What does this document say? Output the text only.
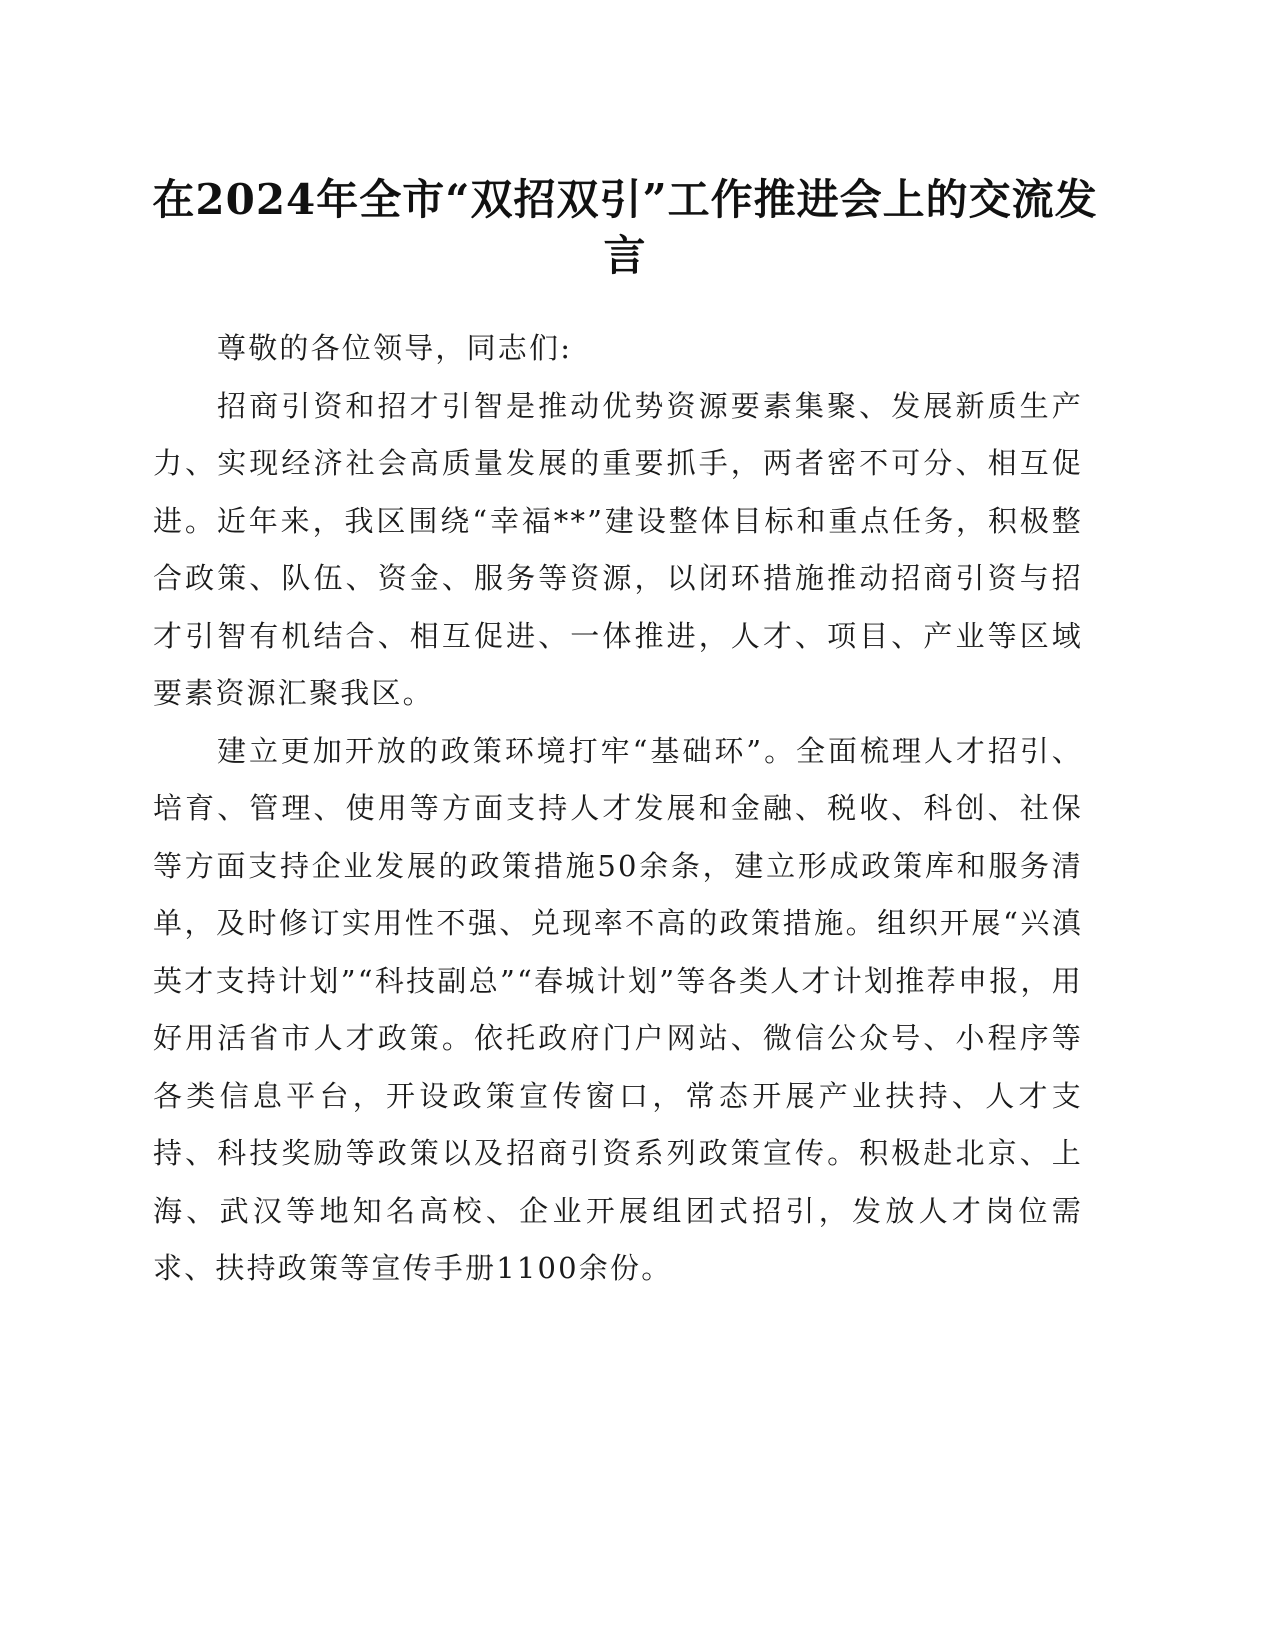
在2024年全市“双招双引”工作推进会上的交流发言

尊敬的各位领导，同志们:

招商引资和招才引智是推动优势资源要素集聚、发展新质生产力、实现经济社会高质量发展的重要抓手，两者密不可分、相互促进。近年来，我区围绕“幸福**”建设整体目标和重点任务，积极整合政策、队伍、资金、服务等资源，以闭环措施推动招商引资与招才引智有机结合、相互促进、一体推进，人才、项目、产业等区域要素资源汇聚我区。

建立更加开放的政策环境打牢“基础环”。全面梳理人才招引、培育、管理、使用等方面支持人才发展和金融、税收、科创、社保等方面支持企业发展的政策措施50余条，建立形成政策库和服务清单，及时修订实用性不强、兑现率不高的政策措施。组织开展“兴滇英才支持计划”“科技副总”“春城计划”等各类人才计划推荐申报，用好用活省市人才政策。依托政府门户网站、微信公众号、小程序等各类信息平台，开设政策宣传窗口，常态开展产业扶持、人才支持、科技奖励等政策以及招商引资系列政策宣传。积极赴北京、上海、武汉等地知名高校、企业开展组团式招引，发放人才岗位需求、扶持政策等宣传手册1100余份。
